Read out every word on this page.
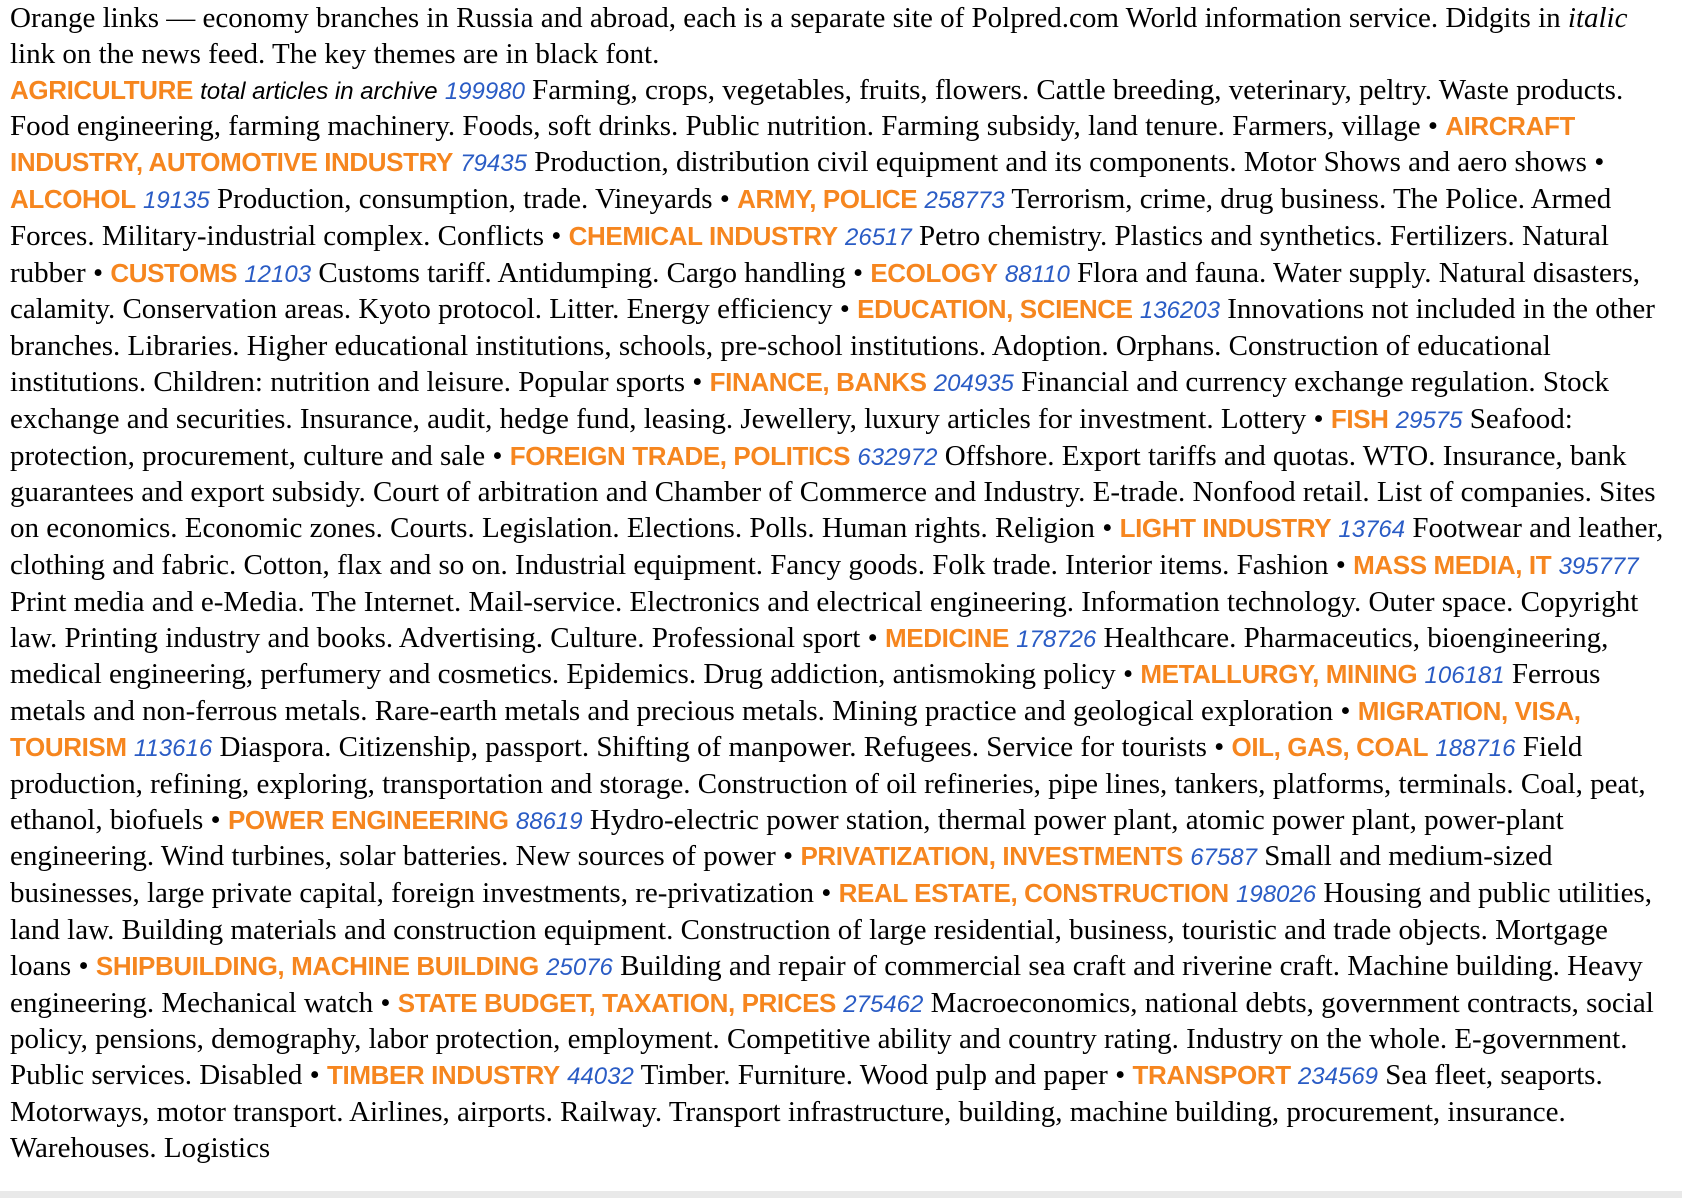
Orange links — economy branches in Russia and abroad, each is a separate site of Polpred.com World information service. Didgits in italic link on the news feed. The key themes are in black font.

AGRICULTURE total articles in archive 199980 Farming, crops, vegetables, fruits, flowers. Cattle breeding, veterinary, peltry. Waste products. Food engineering, farming machinery. Foods, soft drinks. Public nutrition. Farming subsidy, land tenure. Farmers, village • AIRCRAFT INDUSTRY, AUTOMOTIVE INDUSTRY 79435 Production, distribution civil equipment and its components. Motor Shows and aero shows • ALCOHOL 19135 Production, consumption, trade. Vineyards • ARMY, POLICE 258773 Terrorism, crime, drug business. The Police. Armed Forces. Military-industrial complex. Conflicts • CHEMICAL INDUSTRY 26517 Petro chemistry. Plastics and synthetics. Fertilizers. Natural rubber • CUSTOMS 12103 Customs tariff. Antidumping. Cargo handling • ECOLOGY 88110 Flora and fauna. Water supply. Natural disasters, calamity. Conservation areas. Kyoto protocol. Litter. Energy efficiency • EDUCATION, SCIENCE 136203 Innovations not included in the other branches. Libraries. Higher educational institutions, schools, pre-school institutions. Adoption. Orphans. Construction of educational institutions. Children: nutrition and leisure. Popular sports • FINANCE, BANKS 204935 Financial and currency exchange regulation. Stock exchange and securities. Insurance, audit, hedge fund, leasing. Jewellery, luxury articles for investment. Lottery • FISH 29575 Seafood: protection, procurement, culture and sale • FOREIGN TRADE, POLITICS 632972 Offshore. Export tariffs and quotas. WTO. Insurance, bank guarantees and export subsidy. Court of arbitration and Chamber of Commerce and Industry. E-trade. Nonfood retail. List of companies. Sites on economics. Economic zones. Courts. Legislation. Elections. Polls. Human rights. Religion • LIGHT INDUSTRY 13764 Footwear and leather, clothing and fabric. Cotton, flax and so on. Industrial equipment. Fancy goods. Folk trade. Interior items. Fashion • MASS MEDIA, IT 395777 Print media and e-Media. The Internet. Mail-service. Electronics and electrical engineering. Information technology. Outer space. Copyright law. Printing industry and books. Advertising. Culture. Professional sport • MEDICINE 178726 Healthcare. Pharmaceutics, bioengineering, medical engineering, perfumery and cosmetics. Epidemics. Drug addiction, antismoking policy • METALLURGY, MINING 106181 Ferrous metals and non-ferrous metals. Rare-earth metals and precious metals. Mining practice and geological exploration • MIGRATION, VISA, TOURISM 113616 Diaspora. Citizenship, passport. Shifting of manpower. Refugees. Service for tourists • OIL, GAS, COAL 188716 Field production, refining, exploring, transportation and storage. Construction of oil refineries, pipe lines, tankers, platforms, terminals. Coal, peat, ethanol, biofuels • POWER ENGINEERING 88619 Hydro-electric power station, thermal power plant, atomic power plant, power-plant engineering. Wind turbines, solar batteries. New sources of power • PRIVATIZATION, INVESTMENTS 67587 Small and medium-sized businesses, large private capital, foreign investments, re-privatization • REAL ESTATE, CONSTRUCTION 198026 Housing and public utilities, land law. Building materials and construction equipment. Construction of large residential, business, touristic and trade objects. Mortgage loans • SHIPBUILDING, MACHINE BUILDING 25076 Building and repair of commercial sea craft and riverine craft. Machine building. Heavy engineering. Mechanical watch • STATE BUDGET, TAXATION, PRICES 275462 Macroeconomics, national debts, government contracts, social policy, pensions, demography, labor protection, employment. Competitive ability and country rating. Industry on the whole. E-government. Public services. Disabled • TIMBER INDUSTRY 44032 Timber. Furniture. Wood pulp and paper • TRANSPORT 234569 Sea fleet, seaports. Motorways, motor transport. Airlines, airports. Railway. Transport infrastructure, building, machine building, procurement, insurance. Warehouses. Logistics
